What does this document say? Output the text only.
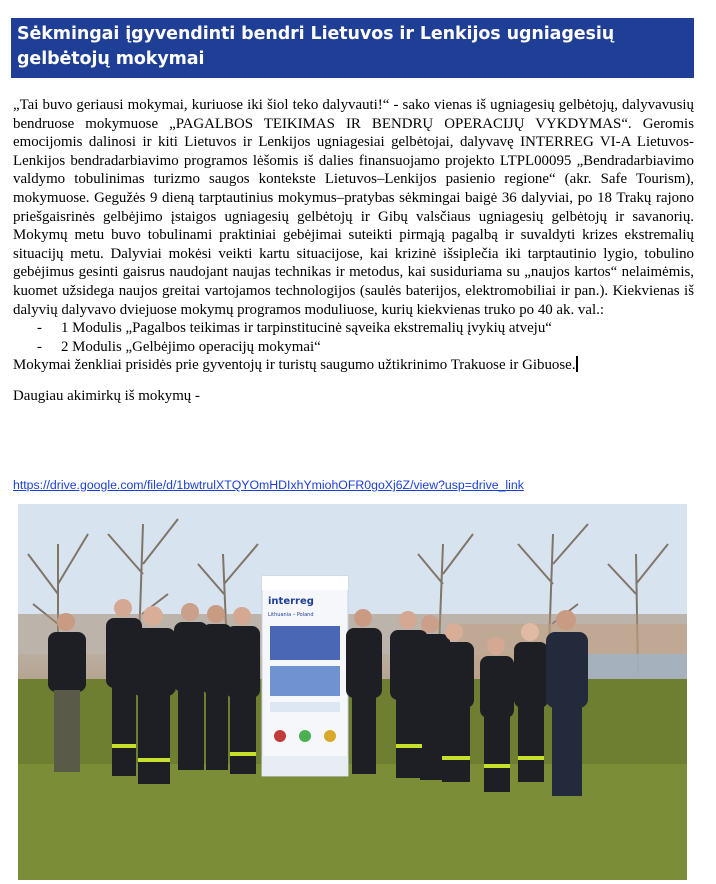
Sėkmingai įgyvendinti bendri Lietuvos ir Lenkijos ugniagesių gelbėtojų mokymai

„Tai buvo geriausi mokymai, kuriuose iki šiol teko dalyvauti!“ - sako vienas iš ugniagesių gelbėtojų, dalyvavusių bendruose mokymuose „PAGALBOS TEIKIMAS IR BENDRŲ OPERACIJŲ VYKDYMAS“. Geromis emocijomis dalinosi ir kiti Lietuvos ir Lenkijos ugniagesiai gelbėtojai, dalyvavę INTERREG VI-A Lietuvos-Lenkijos bendradarbiavimo programos lėšomis iš dalies finansuojamo projekto LTPL00095 „Bendradarbiavimo valdymo tobulinimas turizmo saugos kontekste Lietuvos–Lenkijos pasienio regione“ (akr. Safe Tourism), mokymuose. Gegužės 9 dieną tarptautinius mokymus–pratybas sėkmingai baigė 36 dalyviai, po 18 Trakų rajono priešgaisrinės gelbėjimo įstaigos ugniagesių gelbėtojų ir Gibų valsčiaus ugniagesių gelbėtojų ir savanorių. Mokymų metu buvo tobulinami praktiniai gebėjimai suteikti pirmąją pagalbą ir suvaldyti krizes ekstremalių situacijų metu. Dalyviai mokėsi veikti kartu situacijose, kai krizinė išsiplečia iki tarptautinio lygio, tobulino gebėjimus gesinti gaisrus naudojant naujas technikas ir metodus, kai susiduriama su „naujos kartos“ nelaimėmis, kuomet užsidega naujos greitai vartojamos technologijos (saulės baterijos, elektromobiliai ir pan.). Kiekvienas iš dalyvių dalyvavo dviejuose mokymų programos moduliuose, kurių kiekvienas truko po 40 ak. val.:

-	1 Modulis „Pagalbos teikimas ir tarpinstitucinė sąveika ekstremalių įvykių atveju“
-	2 Modulis „Gelbėjimo operacijų mokymai“

Mokymai ženkliai prisidės prie gyventojų ir turistų saugumo užtikrinimo Trakuose ir Gibuose.

Daugiau akimirkų iš mokymų -

https://drive.google.com/file/d/1bwtrulXTQYOmHDIxhYmiohOFR0goXj6Z/view?usp=drive_link
interreg
Lithuania – Poland
